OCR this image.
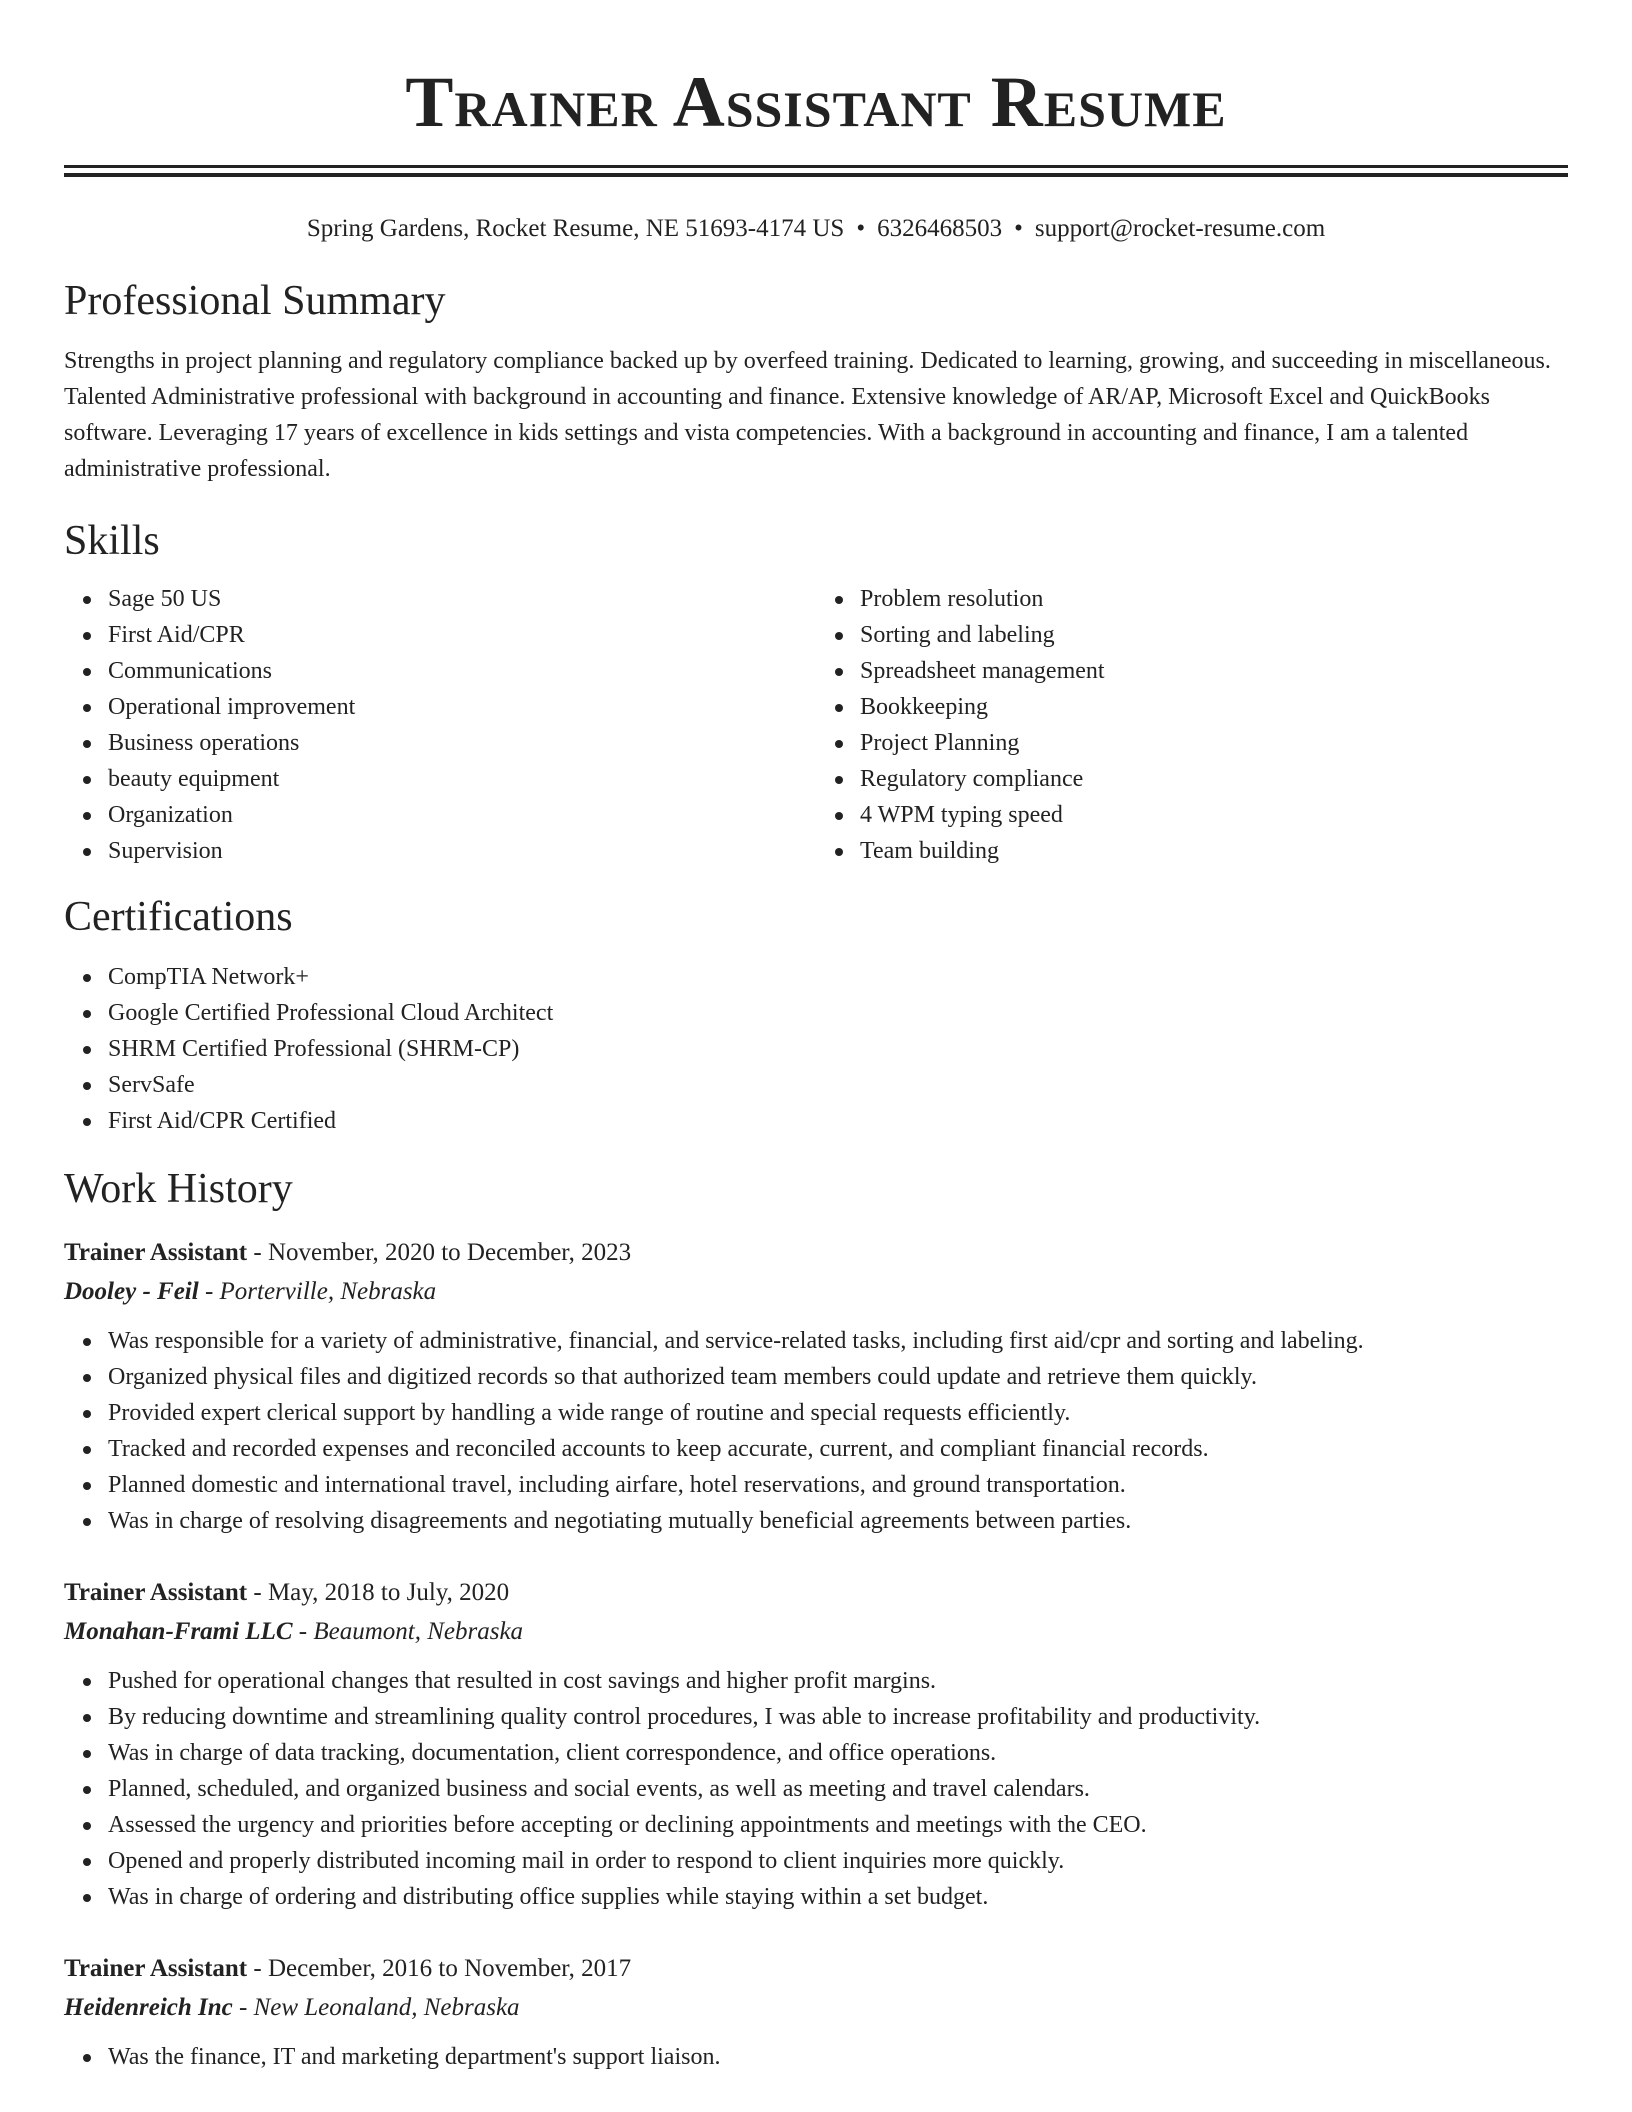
Trainer Assistant Resume
Spring Gardens, Rocket Resume, NE 51693-4174 US • 6326468503 • support@rocket-resume.com
Professional Summary
Strengths in project planning and regulatory compliance backed up by overfeed training. Dedicated to learning, growing, and succeeding in miscellaneous. Talented Administrative professional with background in accounting and finance. Extensive knowledge of AR/AP, Microsoft Excel and QuickBooks software. Leveraging 17 years of excellence in kids settings and vista competencies. With a background in accounting and finance, I am a talented administrative professional.
Skills
Sage 50 US
First Aid/CPR
Communications
Operational improvement
Business operations
beauty equipment
Organization
Supervision
Problem resolution
Sorting and labeling
Spreadsheet management
Bookkeeping
Project Planning
Regulatory compliance
4 WPM typing speed
Team building
Certifications
CompTIA Network+
Google Certified Professional Cloud Architect
SHRM Certified Professional (SHRM-CP)
ServSafe
First Aid/CPR Certified
Work History
Trainer Assistant - November, 2020 to December, 2023
Dooley - Feil - Porterville, Nebraska
Was responsible for a variety of administrative, financial, and service-related tasks, including first aid/cpr and sorting and labeling.
Organized physical files and digitized records so that authorized team members could update and retrieve them quickly.
Provided expert clerical support by handling a wide range of routine and special requests efficiently.
Tracked and recorded expenses and reconciled accounts to keep accurate, current, and compliant financial records.
Planned domestic and international travel, including airfare, hotel reservations, and ground transportation.
Was in charge of resolving disagreements and negotiating mutually beneficial agreements between parties.
Trainer Assistant - May, 2018 to July, 2020
Monahan-Frami LLC - Beaumont, Nebraska
Pushed for operational changes that resulted in cost savings and higher profit margins.
By reducing downtime and streamlining quality control procedures, I was able to increase profitability and productivity.
Was in charge of data tracking, documentation, client correspondence, and office operations.
Planned, scheduled, and organized business and social events, as well as meeting and travel calendars.
Assessed the urgency and priorities before accepting or declining appointments and meetings with the CEO.
Opened and properly distributed incoming mail in order to respond to client inquiries more quickly.
Was in charge of ordering and distributing office supplies while staying within a set budget.
Trainer Assistant - December, 2016 to November, 2017
Heidenreich Inc - New Leonaland, Nebraska
Was the finance, IT and marketing department's support liaison.
